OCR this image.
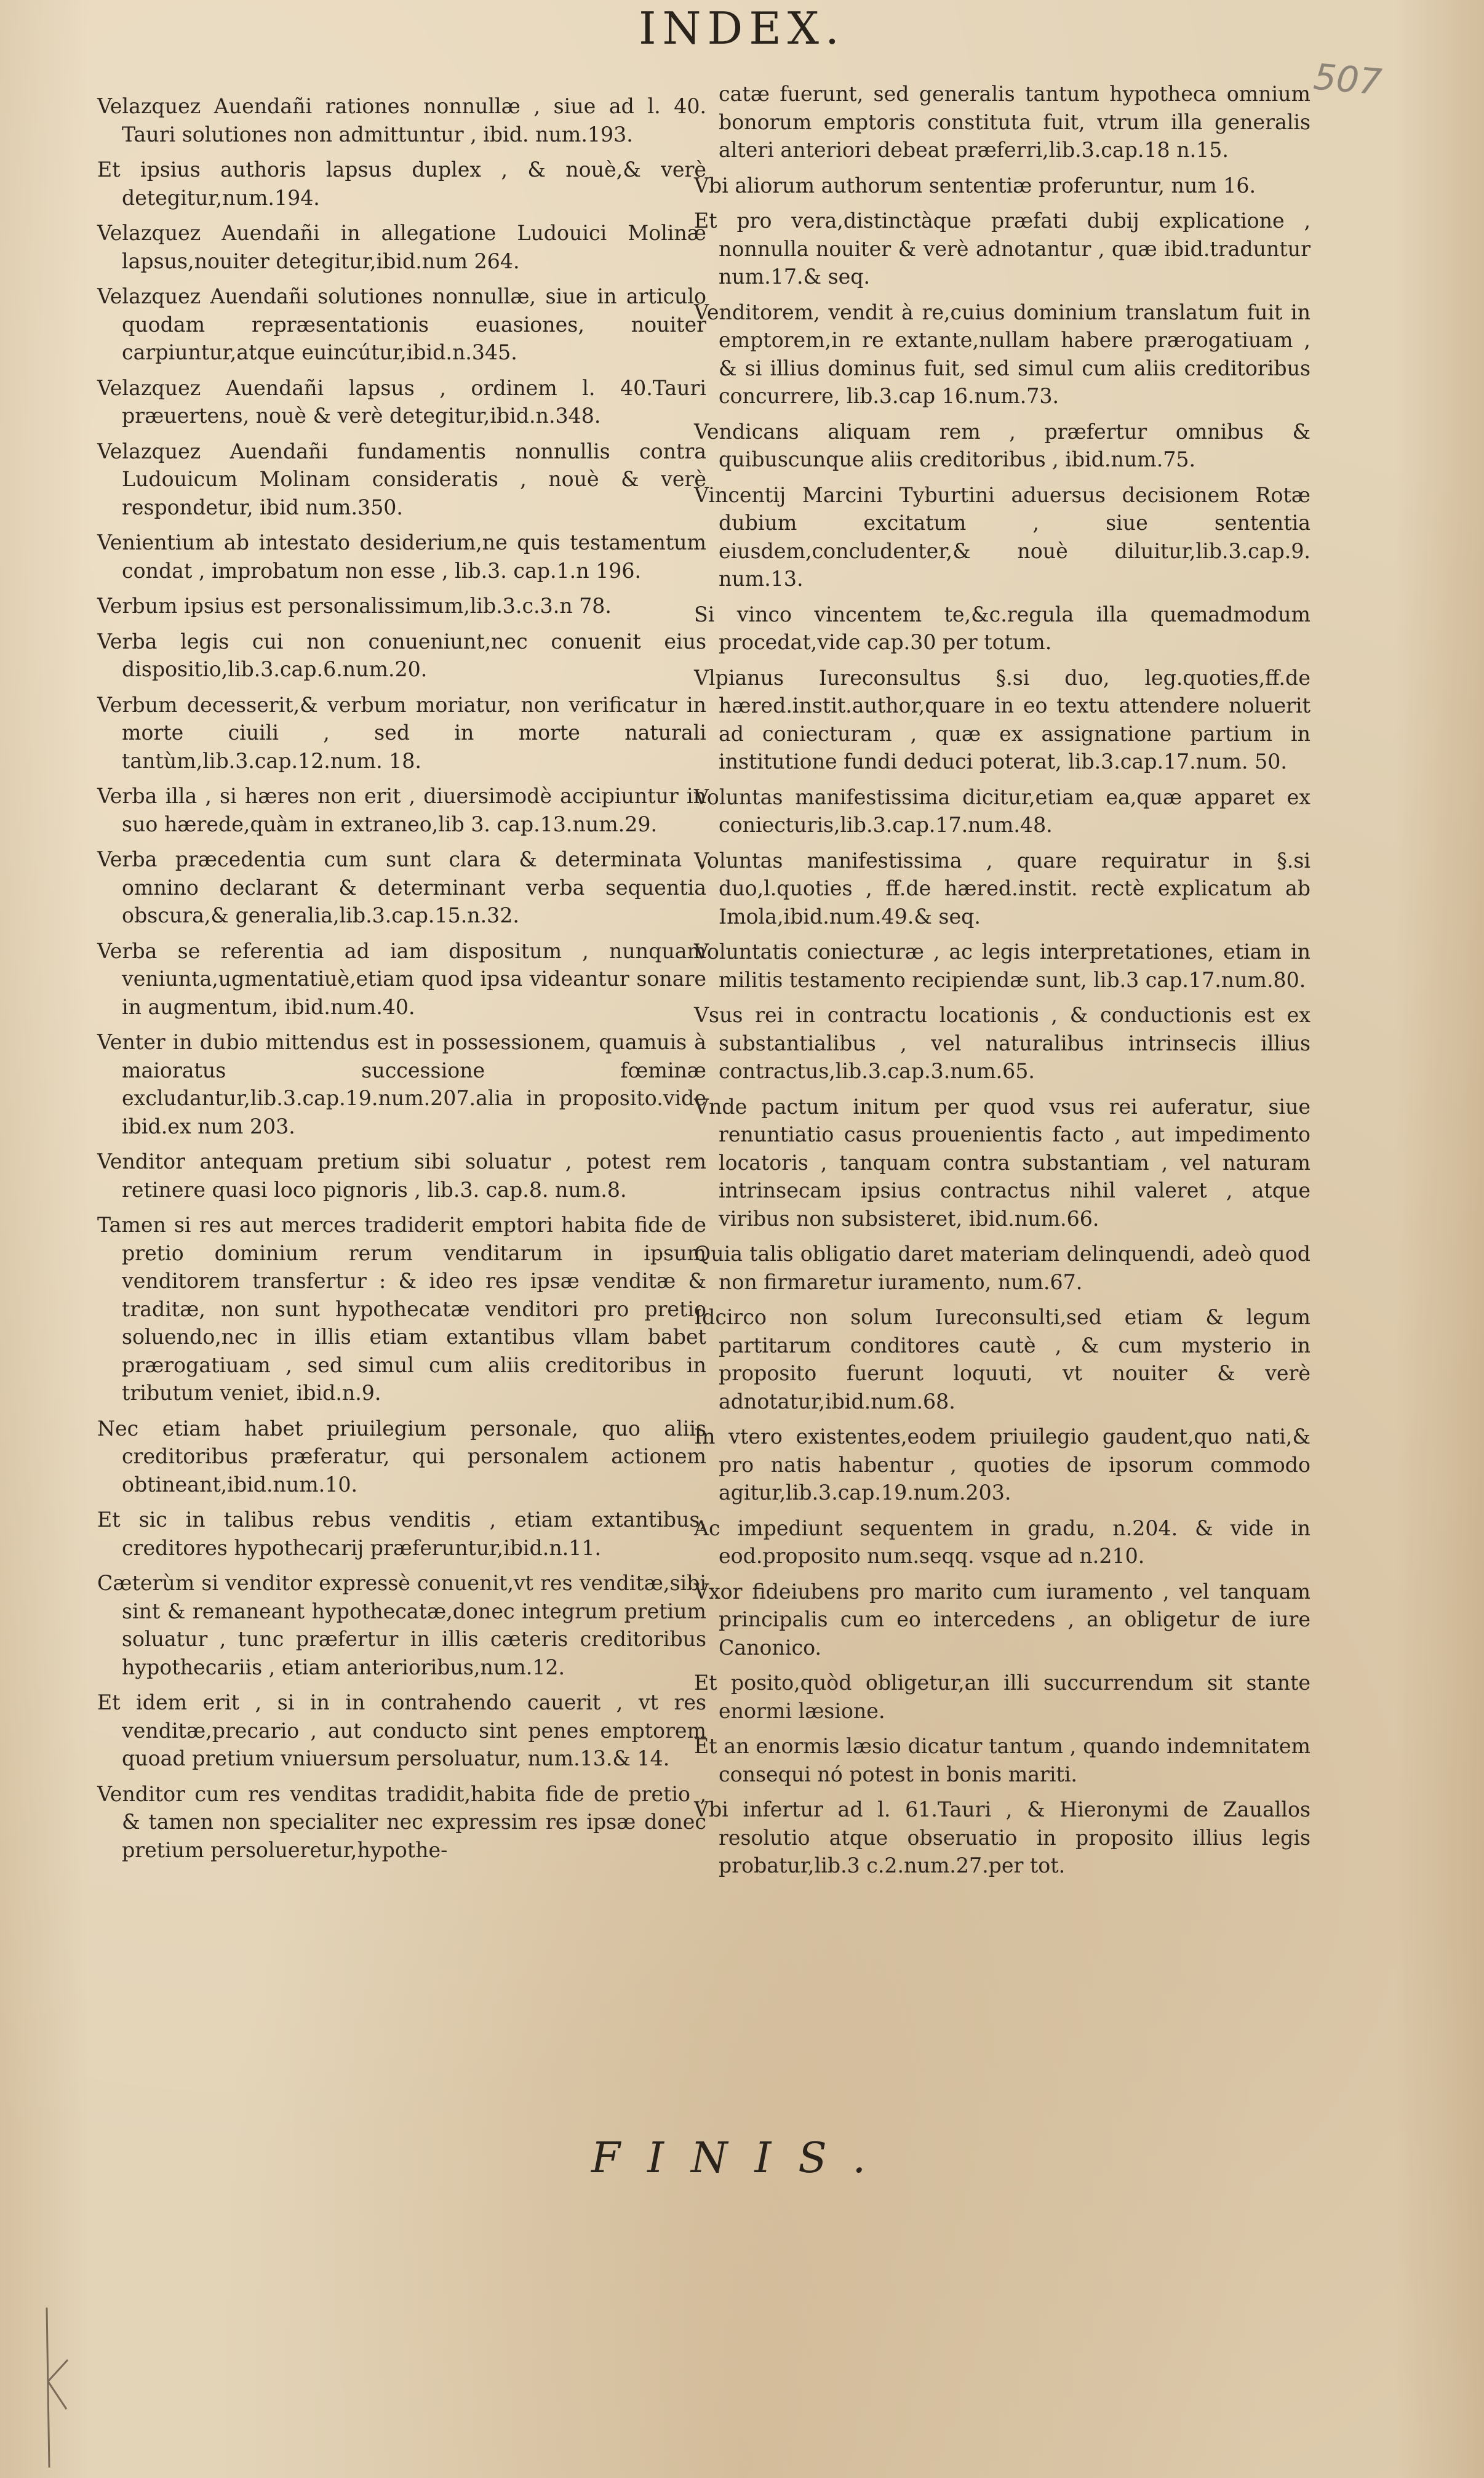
INDEX.
507

Velazquez Auendañi rationes nonnullæ , siue ad l. 40. Tauri solutiones non admittuntur , ibid. num.193.

Et ipsius authoris lapsus duplex , & nouè,& verè detegitur,num.194.

Velazquez Auendañi in allegatione Ludouici Molinæ lapsus,nouiter detegitur,ibid.num 264.

Velazquez Auendañi solutiones nonnullæ, siue in articulo quodam repræsentationis euasiones, nouiter carpiuntur,atque euincútur,ibid.n.345.

Velazquez Auendañi lapsus , ordinem l. 40.Tauri præuertens, nouè & verè detegitur,ibid.n.348.

Velazquez Auendañi fundamentis nonnullis contra Ludouicum Molinam consideratis , nouè & verè respondetur, ibid num.350.

Venientium ab intestato desiderium,ne quis testamentum condat , improbatum non esse , lib.3. cap.1.n 196.

Verbum ipsius est personalissimum,lib.3.c.3.n 78.

Verba legis cui non conueniunt,nec conuenit eius dispositio,lib.3.cap.6.num.20.

Verbum decesserit,& verbum moriatur, non verificatur in morte ciuili , sed in morte naturali tantùm,lib.3.cap.12.num. 18.

Verba illa , si hæres non erit , diuersimodè accipiuntur in suo hærede,quàm in extraneo,lib 3. cap.13.num.29.

Verba præcedentia cum sunt clara & determinata , omnino declarant & determinant verba sequentia obscura,& generalia,lib.3.cap.15.n.32.

Verba se referentia ad iam dispositum , nunquam veniunta,ugmentatiuè,etiam quod ipsa videantur sonare in augmentum, ibid.num.40.

Venter in dubio mittendus est in possessionem, quamuis à maioratus successione fœminæ excludantur,lib.3.cap.19.num.207.alia in proposito.vide ibid.ex num 203.

Venditor antequam pretium sibi soluatur , potest rem retinere quasi loco pignoris , lib.3. cap.8. num.8.

Tamen si res aut merces tradiderit emptori habita fide de pretio dominium rerum venditarum in ipsum venditorem transfertur : & ideo res ipsæ venditæ & traditæ, non sunt hypothecatæ venditori pro pretio soluendo,nec in illis etiam extantibus vllam babet prærogatiuam , sed simul cum aliis creditoribus in tributum veniet, ibid.n.9.

Nec etiam habet priuilegium personale, quo aliis creditoribus præferatur, qui personalem actionem obtineant,ibid.num.10.

Et sic in talibus rebus venditis , etiam extantibus, creditores hypothecarij præferuntur,ibid.n.11.

Cæterùm si venditor expressè conuenit,vt res venditæ,sibi sint & remaneant hypothecatæ,donec integrum pretium soluatur , tunc præfertur in illis cæteris creditoribus hypothecariis , etiam anterioribus,num.12.

Et idem erit , si in in contrahendo cauerit , vt res venditæ,precario , aut conducto sint penes emptorem quoad pretium vniuersum persoluatur, num.13.& 14.

Venditor cum res venditas tradidit,habita fide de pretio , & tamen non specialiter nec expressim res ipsæ donec pretium persolueretur,hypothe-

catæ fuerunt, sed generalis tantum hypotheca omnium bonorum emptoris constituta fuit, vtrum illa generalis alteri anteriori debeat præferri,lib.3.cap.18 n.15.

Vbi aliorum authorum sententiæ proferuntur, num 16.

Et pro vera,distinctàque præfati dubij explicatione , nonnulla nouiter & verè adnotantur , quæ ibid.traduntur num.17.& seq.

Venditorem, vendit à re,cuius dominium translatum fuit in emptorem,in re extante,nullam habere prærogatiuam , & si illius dominus fuit, sed simul cum aliis creditoribus concurrere, lib.3.cap 16.num.73.

Vendicans aliquam rem , præfertur omnibus & quibuscunque aliis creditoribus , ibid.num.75.

Vincentij Marcini Tyburtini aduersus decisionem Rotæ dubium excitatum , siue sententia eiusdem,concludenter,& nouè diluitur,lib.3.cap.9. num.13.

Si vinco vincentem te,&c.regula illa quemadmodum procedat,vide cap.30 per totum.

Vlpianus Iureconsultus §.si duo, leg.quoties,ff.de hæred.instit.author,quare in eo textu attendere noluerit ad coniecturam , quæ ex assignatione partium in institutione fundi deduci poterat, lib.3.cap.17.num. 50.

Voluntas manifestissima dicitur,etiam ea,quæ apparet ex coniecturis,lib.3.cap.17.num.48.

Voluntas manifestissima , quare requiratur in §.si duo,l.quoties , ff.de hæred.instit. rectè explicatum ab Imola,ibid.num.49.& seq.

Voluntatis coniecturæ , ac legis interpretationes, etiam in militis testamento recipiendæ sunt, lib.3 cap.17.num.80.

Vsus rei in contractu locationis , & conductionis est ex substantialibus , vel naturalibus intrinsecis illius contractus,lib.3.cap.3.num.65.

Vnde pactum initum per quod vsus rei auferatur, siue renuntiatio casus prouenientis facto , aut impedimento locatoris , tanquam contra substantiam , vel naturam intrinsecam ipsius contractus nihil valeret , atque viribus non subsisteret, ibid.num.66.

Quia talis obligatio daret materiam delinquendi, adeò quod non firmaretur iuramento, num.67.

Idcirco non solum Iureconsulti,sed etiam & legum partitarum conditores cautè , & cum mysterio in proposito fuerunt loquuti, vt nouiter & verè adnotatur,ibid.num.68.

In vtero existentes,eodem priuilegio gaudent,quo nati,& pro natis habentur , quoties de ipsorum commodo agitur,lib.3.cap.19.num.203.

Ac impediunt sequentem in gradu, n.204. & vide in eod.proposito num.seqq. vsque ad n.210.

Vxor fideiubens pro marito cum iuramento , vel tanquam principalis cum eo intercedens , an obligetur de iure Canonico.

Et posito,quòd obligetur,an illi succurrendum sit stante enormi læsione.

Et an enormis læsio dicatur tantum , quando indemnitatem consequi nó potest in bonis mariti.

Vbi infertur ad l. 61.Tauri , & Hieronymi de Zauallos resolutio atque obseruatio in proposito illius legis probatur,lib.3 c.2.num.27.per tot.

FINIS.
